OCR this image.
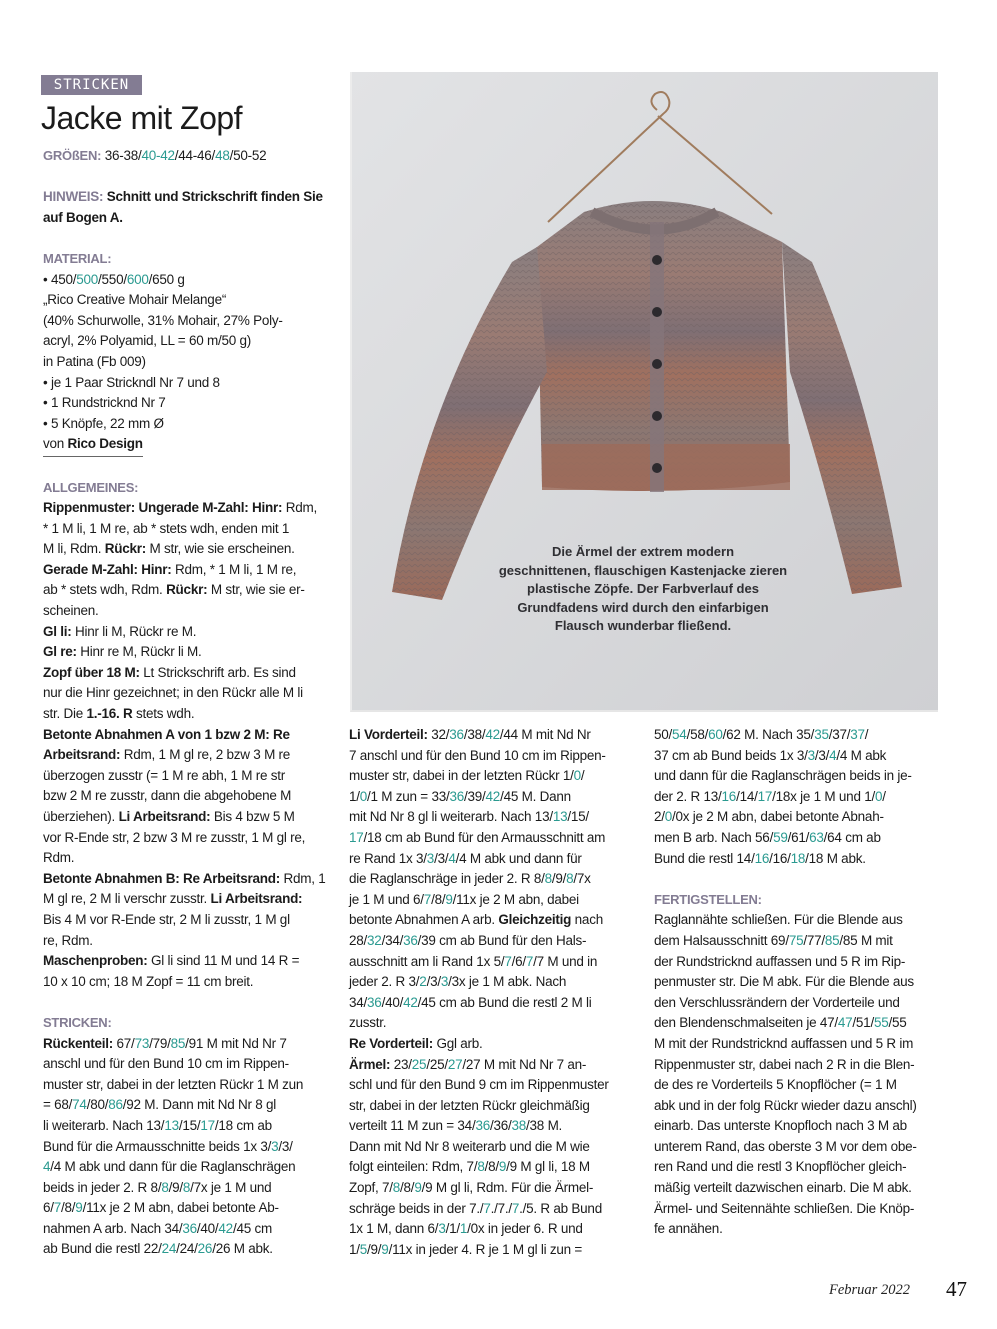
STRICKEN
Jacke mit Zopf

GRÖßEN: 36-38/40-42/44-46/48/50-52

HINWEIS: Schnitt und Strickschrift finden Sie

auf Bogen A.

MATERIAL:

• 450/500/550/600/650 g

„Rico Creative Mohair Melange“

(40% Schurwolle, 31% Mohair, 27% Poly-

acryl, 2% Polyamid, LL = 60 m/50 g)

in Patina (Fb 009)

• je 1 Paar Strickndl Nr 7 und 8

• 1 Rundstricknd Nr 7

• 5 Knöpfe, 22 mm Ø

von Rico Design

ALLGEMEINES:

Rippenmuster: Ungerade M-Zahl: Hinr: Rdm,

* 1 M li, 1 M re, ab * stets wdh, enden mit 1

M li, Rdm. Rückr: M str, wie sie erscheinen.

Gerade M-Zahl: Hinr: Rdm, * 1 M li, 1 M re,

ab * stets wdh, Rdm. Rückr: M str, wie sie er-

scheinen.

Gl li: Hinr li M, Rückr re M.

Gl re: Hinr re M, Rückr li M.

Zopf über 18 M: Lt Strickschrift arb. Es sind

nur die Hinr gezeichnet; in den Rückr alle M li

str. Die 1.-16. R stets wdh.

Betonte Abnahmen A von 1 bzw 2 M: Re

Arbeitsrand: Rdm, 1 M gl re, 2 bzw 3 M re

überzogen zusstr (= 1 M re abh, 1 M re str

bzw 2 M re zusstr, dann die abgehobene M

überziehen). Li Arbeitsrand: Bis 4 bzw 5 M

vor R-Ende str, 2 bzw 3 M re zusstr, 1 M gl re,

Rdm.

Betonte Abnahmen B: Re Arbeitsrand: Rdm, 1

M gl re, 2 M li verschr zusstr. Li Arbeitsrand:

Bis 4 M vor R-Ende str, 2 M li zusstr, 1 M gl

re, Rdm.

Maschenproben: Gl li sind 11 M und 14 R =

10 x 10 cm; 18 M Zopf = 11 cm breit.

STRICKEN:

Rückenteil: 67/73/79/85/91 M mit Nd Nr 7

anschl und für den Bund 10 cm im Rippen-

muster str, dabei in der letzten Rückr 1 M zun

= 68/74/80/86/92 M. Dann mit Nd Nr 8 gl

li weiterarb. Nach 13/13/15/17/18 cm ab

Bund für die Armausschnitte beids 1x 3/3/3/

4/4 M abk und dann für die Raglanschrägen

beids in jeder 2. R 8/8/9/8/7x je 1 M und

6/7/8/9/11x je 2 M abn, dabei betonte Ab-

nahmen A arb. Nach 34/36/40/42/45 cm

ab Bund die restl 22/24/24/26/26 M abk.

Die Ärmel der extrem modern
geschnittenen, flauschigen Kastenjacke zieren
plastische Zöpfe. Der Farbverlauf des
Grundfadens wird durch den einfarbigen
Flausch wunderbar fließend.

Li Vorderteil: 32/36/38/42/44 M mit Nd Nr

7 anschl und für den Bund 10 cm im Rippen-

muster str, dabei in der letzten Rückr 1/0/

1/0/1 M zun = 33/36/39/42/45 M. Dann

mit Nd Nr 8 gl li weiterarb. Nach 13/13/15/

17/18 cm ab Bund für den Armausschnitt am

re Rand 1x 3/3/3/4/4 M abk und dann für

die Raglanschräge in jeder 2. R 8/8/9/8/7x

je 1 M und 6/7/8/9/11x je 2 M abn, dabei

betonte Abnahmen A arb. Gleichzeitig nach

28/32/34/36/39 cm ab Bund für den Hals-

ausschnitt am li Rand 1x 5/7/6/7/7 M und in

jeder 2. R 3/2/3/3/3x je 1 M abk. Nach

34/36/40/42/45 cm ab Bund die restl 2 M li

zusstr.

Re Vorderteil: Ggl arb.

Ärmel: 23/25/25/27/27 M mit Nd Nr 7 an-

schl und für den Bund 9 cm im Rippenmuster

str, dabei in der letzten Rückr gleichmäßig

verteilt 11 M zun = 34/36/36/38/38 M.

Dann mit Nd Nr 8 weiterarb und die M wie

folgt einteilen: Rdm, 7/8/8/9/9 M gl li, 18 M

Zopf, 7/8/8/9/9 M gl li, Rdm. Für die Ärmel-

schräge beids in der 7./7./7./7./5. R ab Bund

1x 1 M, dann 6/3/1/1/0x in jeder 6. R und

1/5/9/9/11x in jeder 4. R je 1 M gl li zun =

50/54/58/60/62 M. Nach 35/35/37/37/

37 cm ab Bund beids 1x 3/3/3/4/4 M abk

und dann für die Raglanschrägen beids in je-

der 2. R 13/16/14/17/18x je 1 M und 1/0/

2/0/0x je 2 M abn, dabei betonte Abnah-

men B arb. Nach 56/59/61/63/64 cm ab

Bund die restl 14/16/16/18/18 M abk.

FERTIGSTELLEN:

Raglannähte schließen. Für die Blende aus

dem Halsausschnitt 69/75/77/85/85 M mit

der Rundstricknd auffassen und 5 R im Rip-

penmuster str. Die M abk. Für die Blende aus

den Verschlussrändern der Vorderteile und

den Blendenschmalseiten je 47/47/51/55/55

M mit der Rundstricknd auffassen und 5 R im

Rippenmuster str, dabei nach 2 R in die Blen-

de des re Vorderteils 5 Knopflöcher (= 1 M

abk und in der folg Rückr wieder dazu anschl)

einarb. Das unterste Knopfloch nach 3 M ab

unterem Rand, das oberste 3 M vor dem obe-

ren Rand und die restl 3 Knopflöcher gleich-

mäßig verteilt dazwischen einarb. Die M abk.

Ärmel- und Seitennähte schließen. Die Knöp-

fe annähen.

Februar 2022 47
